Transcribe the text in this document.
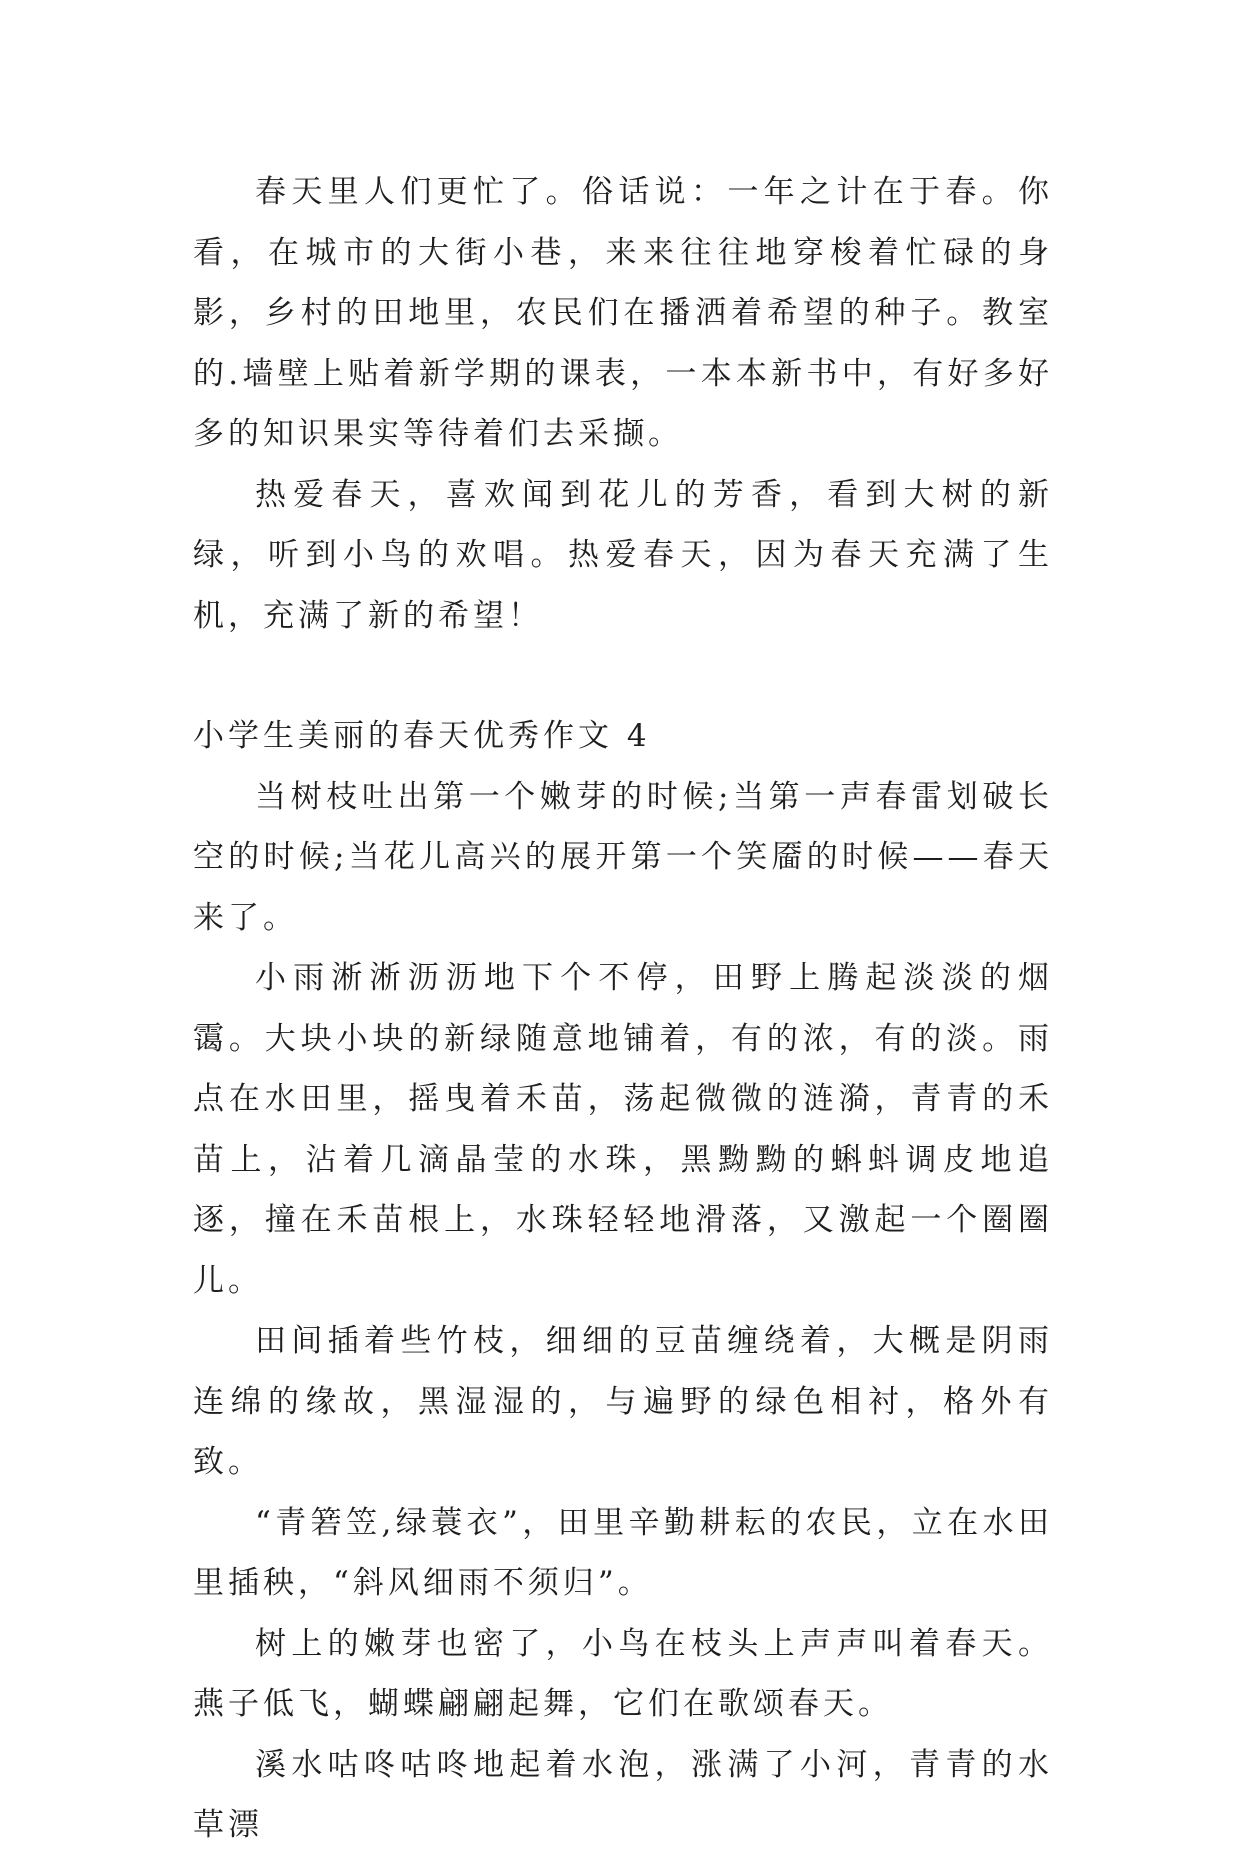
春天里人们更忙了。俗话说：一年之计在于春。你看，在城市的大街小巷，来来往往地穿梭着忙碌的身影，乡村的田地里，农民们在播洒着希望的种子。教室的.墙壁上贴着新学期的课表，一本本新书中，有好多好多的知识果实等待着们去采撷。

热爱春天，喜欢闻到花儿的芳香，看到大树的新绿，听到小鸟的欢唱。热爱春天，因为春天充满了生机，充满了新的希望！

小学生美丽的春天优秀作文 4

当树枝吐出第一个嫩芽的时候;当第一声春雷划破长空的时候;当花儿高兴的展开第一个笑靥的时候——春天来了。

小雨淅淅沥沥地下个不停，田野上腾起淡淡的烟霭。大块小块的新绿随意地铺着，有的浓，有的淡。雨点在水田里，摇曳着禾苗，荡起微微的涟漪，青青的禾苗上，沾着几滴晶莹的水珠，黑黝黝的蝌蚪调皮地追逐，撞在禾苗根上，水珠轻轻地滑落，又激起一个圈圈儿。

田间插着些竹枝，细细的豆苗缠绕着，大概是阴雨连绵的缘故，黑湿湿的，与遍野的绿色相衬，格外有致。

“青箬笠,绿蓑衣”，田里辛勤耕耘的农民，立在水田里插秧，“斜风细雨不须归”。

树上的嫩芽也密了，小鸟在枝头上声声叫着春天。燕子低飞，蝴蝶翩翩起舞，它们在歌颂春天。

溪水咕咚咕咚地起着水泡，涨满了小河，青青的水草漂
